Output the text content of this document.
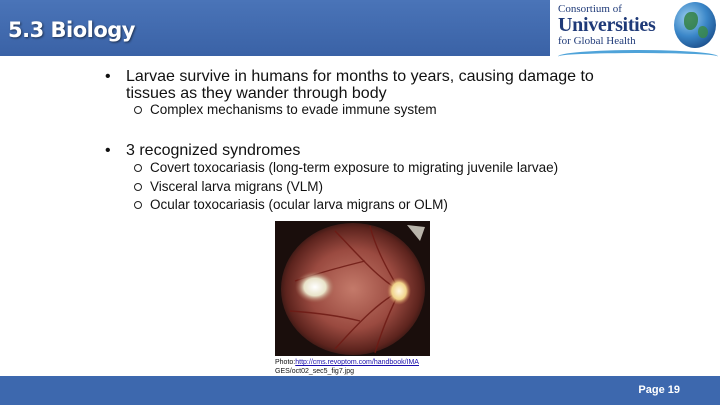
5.3 Biology
Consortium of
Universities
for Global Health
• Larvae survive in humans for months to years, causing damage to
tissues as they wander through body
Complex mechanisms to evade immune system
• 3 recognized syndromes
Covert toxocariasis (long-term exposure to migrating juvenile larvae)
Visceral larva migrans (VLM)
Ocular toxocariasis (ocular larva migrans or OLM)
Photo:http://cms.revoptom.com/handbook/IMA
GES/oct02_sec5_fig7.jpg
Page 19
